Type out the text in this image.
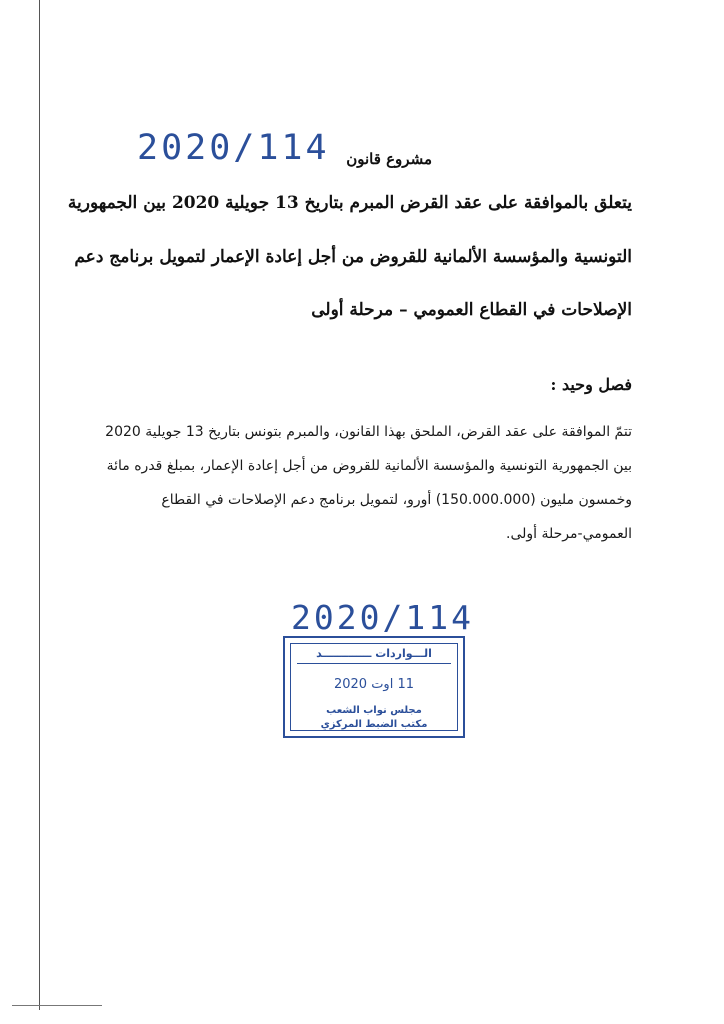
2020/114 مشروع قانون
يتعلق بالموافقة على عقد القرض المبرم بتاريخ 13 جويلية 2020 بين الجمهورية
التونسية والمؤسسة الألمانية للقروض من أجل إعادة الإعمار لتمويل برنامج دعم
الإصلاحات في القطاع العمومي – مرحلة أولى
فصل وحيد :
تتمّ الموافقة على عقد القرض، الملحق بهذا القانون، والمبرم بتونس بتاريخ 13 جويلية 2020
بين الجمهورية التونسية والمؤسسة الألمانية للقروض من أجل إعادة الإعمار، بمبلغ قدره مائة
وخمسون مليون (150.000.000) أورو، لتمويل برنامج دعم الإصلاحات في القطاع
العمومي-مرحلة أولى.
2020/114
الـــواردات ـــــــــــــد
11 اوت 2020
مجلس نواب الشعب
مكتب الضبط المركزي
